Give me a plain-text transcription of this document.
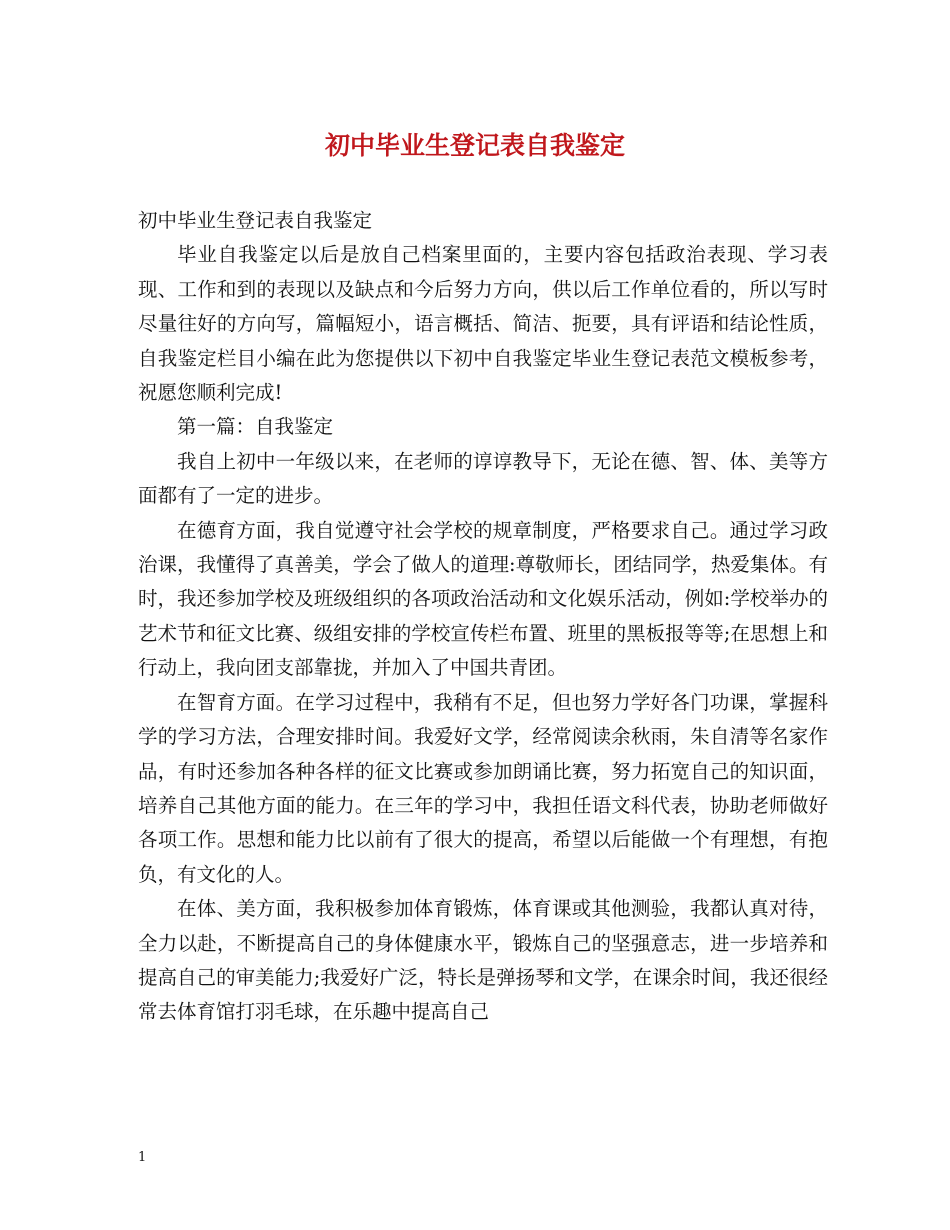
初中毕业生登记表自我鉴定

初中毕业生登记表自我鉴定

毕业自我鉴定以后是放自己档案里面的，主要内容包括政治表现、学习表现、工作和到的表现以及缺点和今后努力方向，供以后工作单位看的，所以写时尽量往好的方向写，篇幅短小，语言概括、简洁、扼要，具有评语和结论性质，自我鉴定栏目小编在此为您提供以下初中自我鉴定毕业生登记表范文模板参考，祝愿您顺利完成!

第一篇：自我鉴定

我自上初中一年级以来，在老师的谆谆教导下，无论在德、智、体、美等方面都有了一定的进步。

在德育方面，我自觉遵守社会学校的规章制度，严格要求自己。通过学习政治课，我懂得了真善美，学会了做人的道理:尊敬师长，团结同学，热爱集体。有时，我还参加学校及班级组织的各项政治活动和文化娱乐活动，例如:学校举办的艺术节和征文比赛、级组安排的学校宣传栏布置、班里的黑板报等等;在思想上和行动上，我向团支部靠拢，并加入了中国共青团。

在智育方面。在学习过程中，我稍有不足，但也努力学好各门功课，掌握科学的学习方法，合理安排时间。我爱好文学，经常阅读余秋雨，朱自清等名家作品，有时还参加各种各样的征文比赛或参加朗诵比赛，努力拓宽自己的知识面，培养自己其他方面的能力。在三年的学习中，我担任语文科代表，协助老师做好各项工作。思想和能力比以前有了很大的提高，希望以后能做一个有理想，有抱负，有文化的人。

在体、美方面，我积极参加体育锻炼，体育课或其他测验，我都认真对待，全力以赴，不断提高自己的身体健康水平，锻炼自己的坚强意志，进一步培养和提高自己的审美能力;我爱好广泛，特长是弹扬琴和文学，在课余时间，我还很经常去体育馆打羽毛球，在乐趣中提高自己

1
